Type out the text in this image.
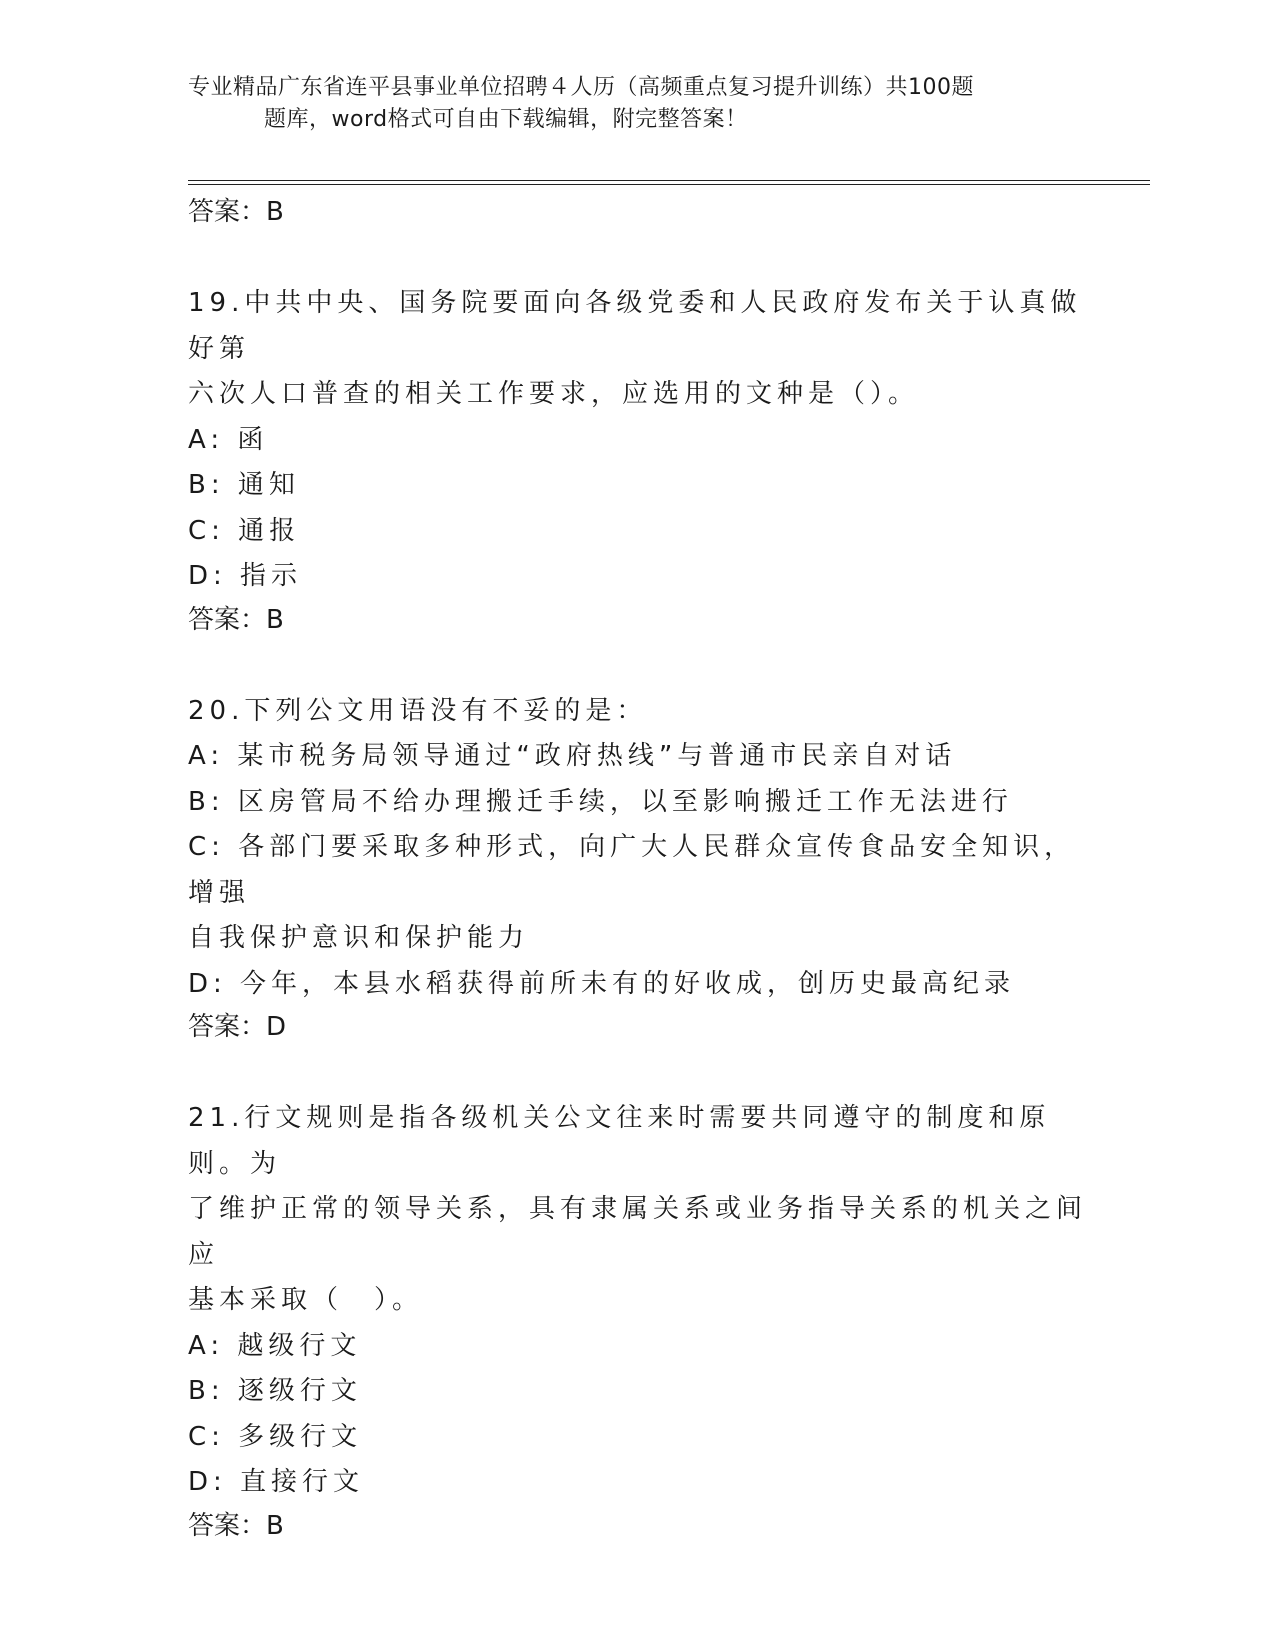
专业精品广东省连平县事业单位招聘４人历（高频重点复习提升训练）共100题
题库，word格式可自由下载编辑，附完整答案！

答案：B

19.中共中央、国务院要面向各级党委和人民政府发布关于认真做好第

六次人口普查的相关工作要求，应选用的文种是（）。

A: 函

B: 通知

C: 通报

D: 指示

答案：B

20.下列公文用语没有不妥的是：

A: 某市税务局领导通过“政府热线”与普通市民亲自对话

B: 区房管局不给办理搬迁手续，以至影响搬迁工作无法进行

C: 各部门要采取多种形式，向广大人民群众宣传食品安全知识，增强

自我保护意识和保护能力

D: 今年，本县水稻获得前所未有的好收成，创历史最高纪录

答案：D

21.行文规则是指各级机关公文往来时需要共同遵守的制度和原则。为

了维护正常的领导关系，具有隶属关系或业务指导关系的机关之间应

基本采取（　）。

A: 越级行文

B: 逐级行文

C: 多级行文

D: 直接行文

答案：B
